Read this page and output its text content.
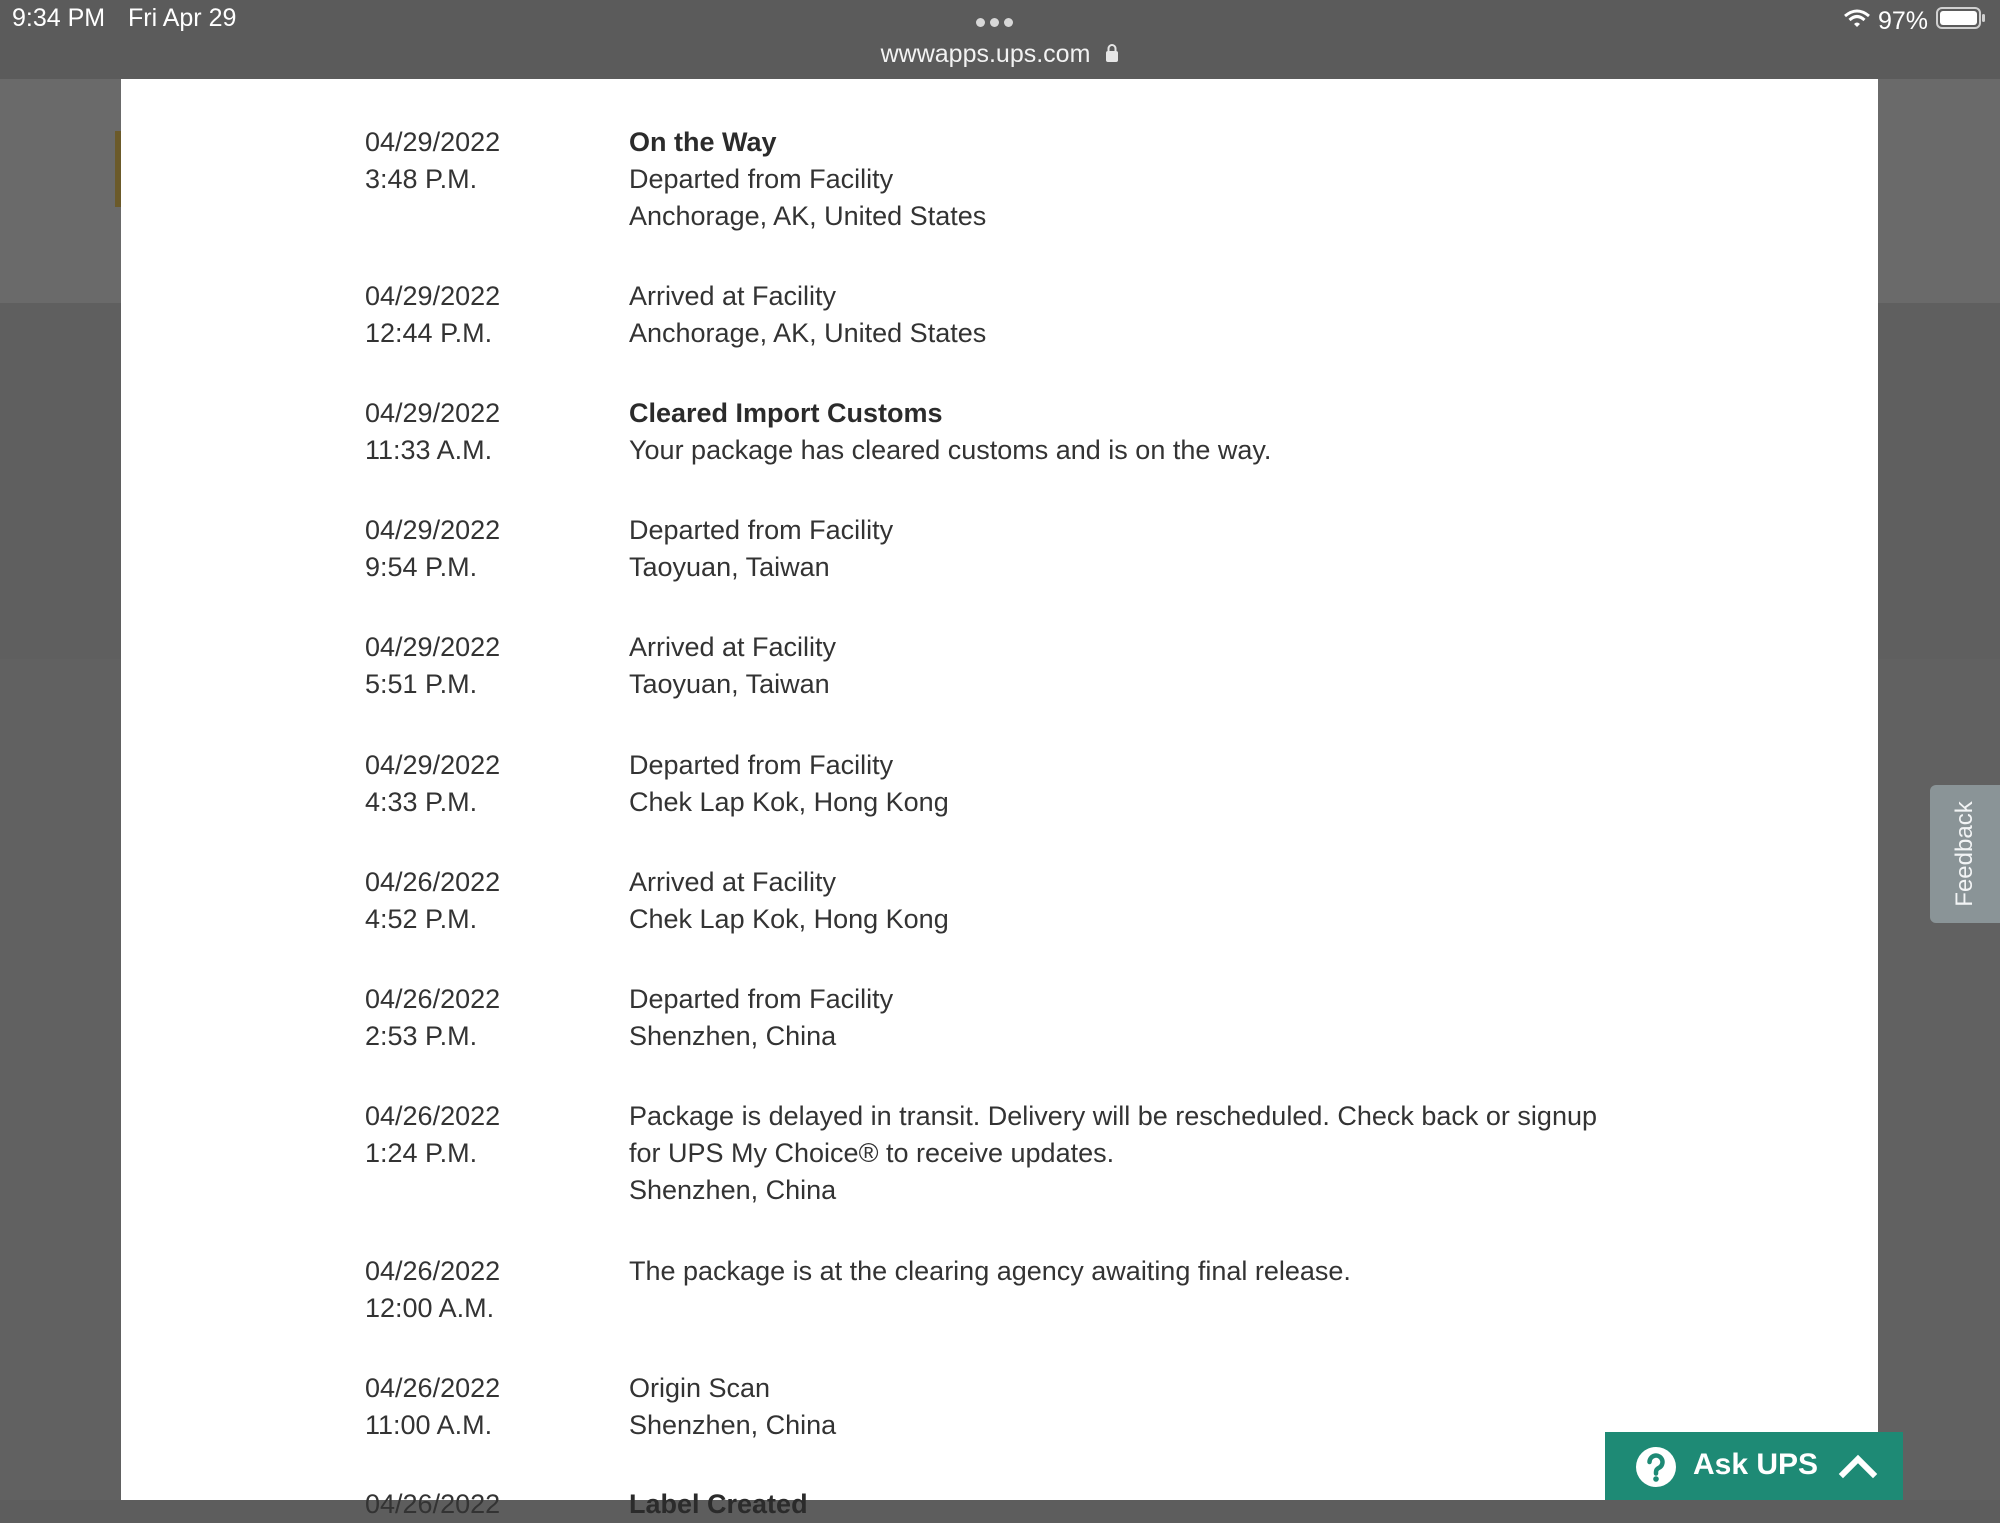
9:34 PM Fri Apr 29
wwwapps.ups.com
97%
04/29/2022
3:48 P.M.
On the Way
Departed from Facility
Anchorage, AK, United States
04/29/2022
12:44 P.M.
Arrived at Facility
Anchorage, AK, United States
04/29/2022
11:33 A.M.
Cleared Import Customs
Your package has cleared customs and is on the way.
04/29/2022
9:54 P.M.
Departed from Facility
Taoyuan, Taiwan
04/29/2022
5:51 P.M.
Arrived at Facility
Taoyuan, Taiwan
04/29/2022
4:33 P.M.
Departed from Facility
Chek Lap Kok, Hong Kong
04/26/2022
4:52 P.M.
Arrived at Facility
Chek Lap Kok, Hong Kong
04/26/2022
2:53 P.M.
Departed from Facility
Shenzhen, China
04/26/2022
1:24 P.M.
Package is delayed in transit. Delivery will be rescheduled. Check back or signup
for UPS My Choice® to receive updates.
Shenzhen, China
04/26/2022
12:00 A.M.
The package is at the clearing agency awaiting final release.
04/26/2022
11:00 A.M.
Origin Scan
Shenzhen, China
04/26/2022	Label Created
Feedback
Ask UPS
